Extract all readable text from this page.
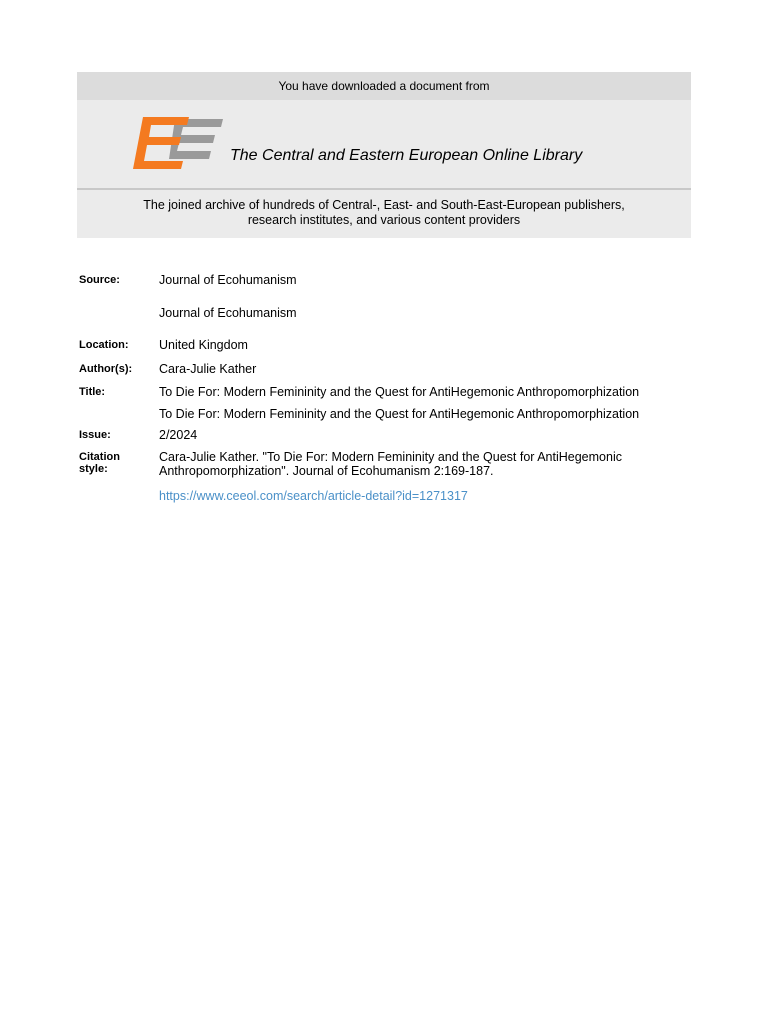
You have downloaded a document from
The Central and Eastern European Online Library
The joined archive of hundreds of Central-, East- and South-East-European publishers,
research institutes, and various content providers
Source:	Journal of Ecohumanism
Journal of Ecohumanism
Location: United Kingdom
Author(s): Cara-Julie Kather
Title:	To Die For: Modern Femininity and the Quest for AntiHegemonic Anthropomorphization
To Die For: Modern Femininity and the Quest for AntiHegemonic Anthropomorphization
Issue:	2/2024
Citation
style:
Cara-Julie Kather. "To Die For: Modern Femininity and the Quest for AntiHegemonic
Anthropomorphization". Journal of Ecohumanism 2:169-187.
https://www.ceeol.com/search/article-detail?id=1271317
